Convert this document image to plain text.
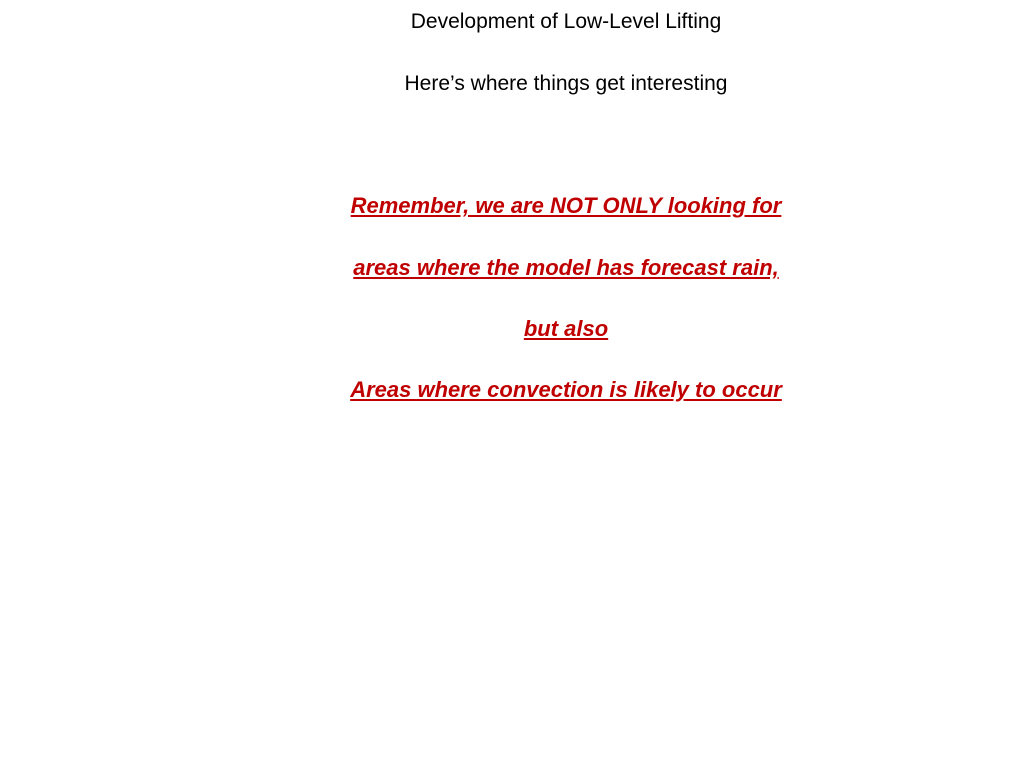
Development of Low-Level Lifting
Here’s where things get interesting
Remember, we are NOT ONLY looking for
areas where the model has forecast rain,
but also
Areas where convection is likely to occur
